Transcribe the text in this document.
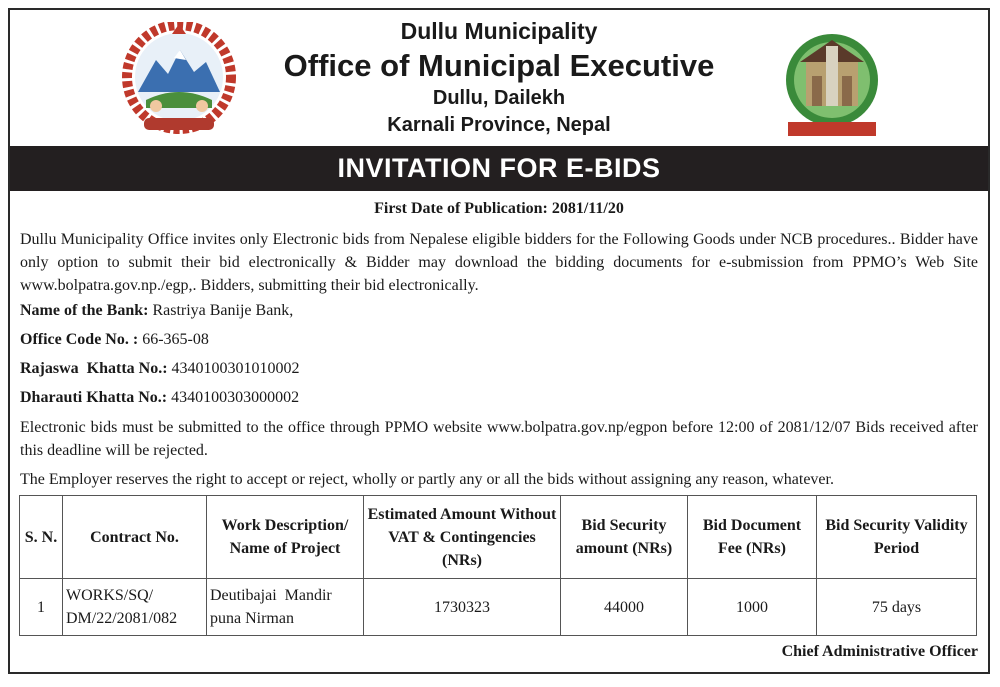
Dullu Municipality
Office of Municipal Executive
Dullu, Dailekh
Karnali Province, Nepal
INVITATION FOR E-BIDS
First Date of Publication: 2081/11/20
Dullu Municipality Office invites only Electronic bids from Nepalese eligible bidders for the Following Goods under NCB procedures.. Bidder have only option to submit their bid electronically & Bidder may download the bidding documents for e-submission from PPMO’s Web Site www.bolpatra.gov.np./egp,. Bidders, submitting their bid electronically.
Name of the Bank: Rastriya Banije Bank,
Office Code No. : 66-365-08
Rajaswa  Khatta No.: 4340100301010002
Dharauti Khatta No.: 4340100303000002
Electronic bids must be submitted to the office through PPMO website www.bolpatra.gov.np/egpon before 12:00 of 2081/12/07 Bids received after this deadline will be rejected.
The Employer reserves the right to accept or reject, wholly or partly any or all the bids without assigning any reason, whatever.
S. N.	Contract No.	Work Description/ Name of Project	Estimated Amount Without VAT & Contingencies (NRs)	Bid Security amount (NRs)	Bid Document Fee (NRs)	Bid Security Validity Period
1	WORKS/SQ/ DM/22/2081/082	Deutibajai  Mandir puna Nirman	1730323	44000	1000	75 days
Chief Administrative Officer
